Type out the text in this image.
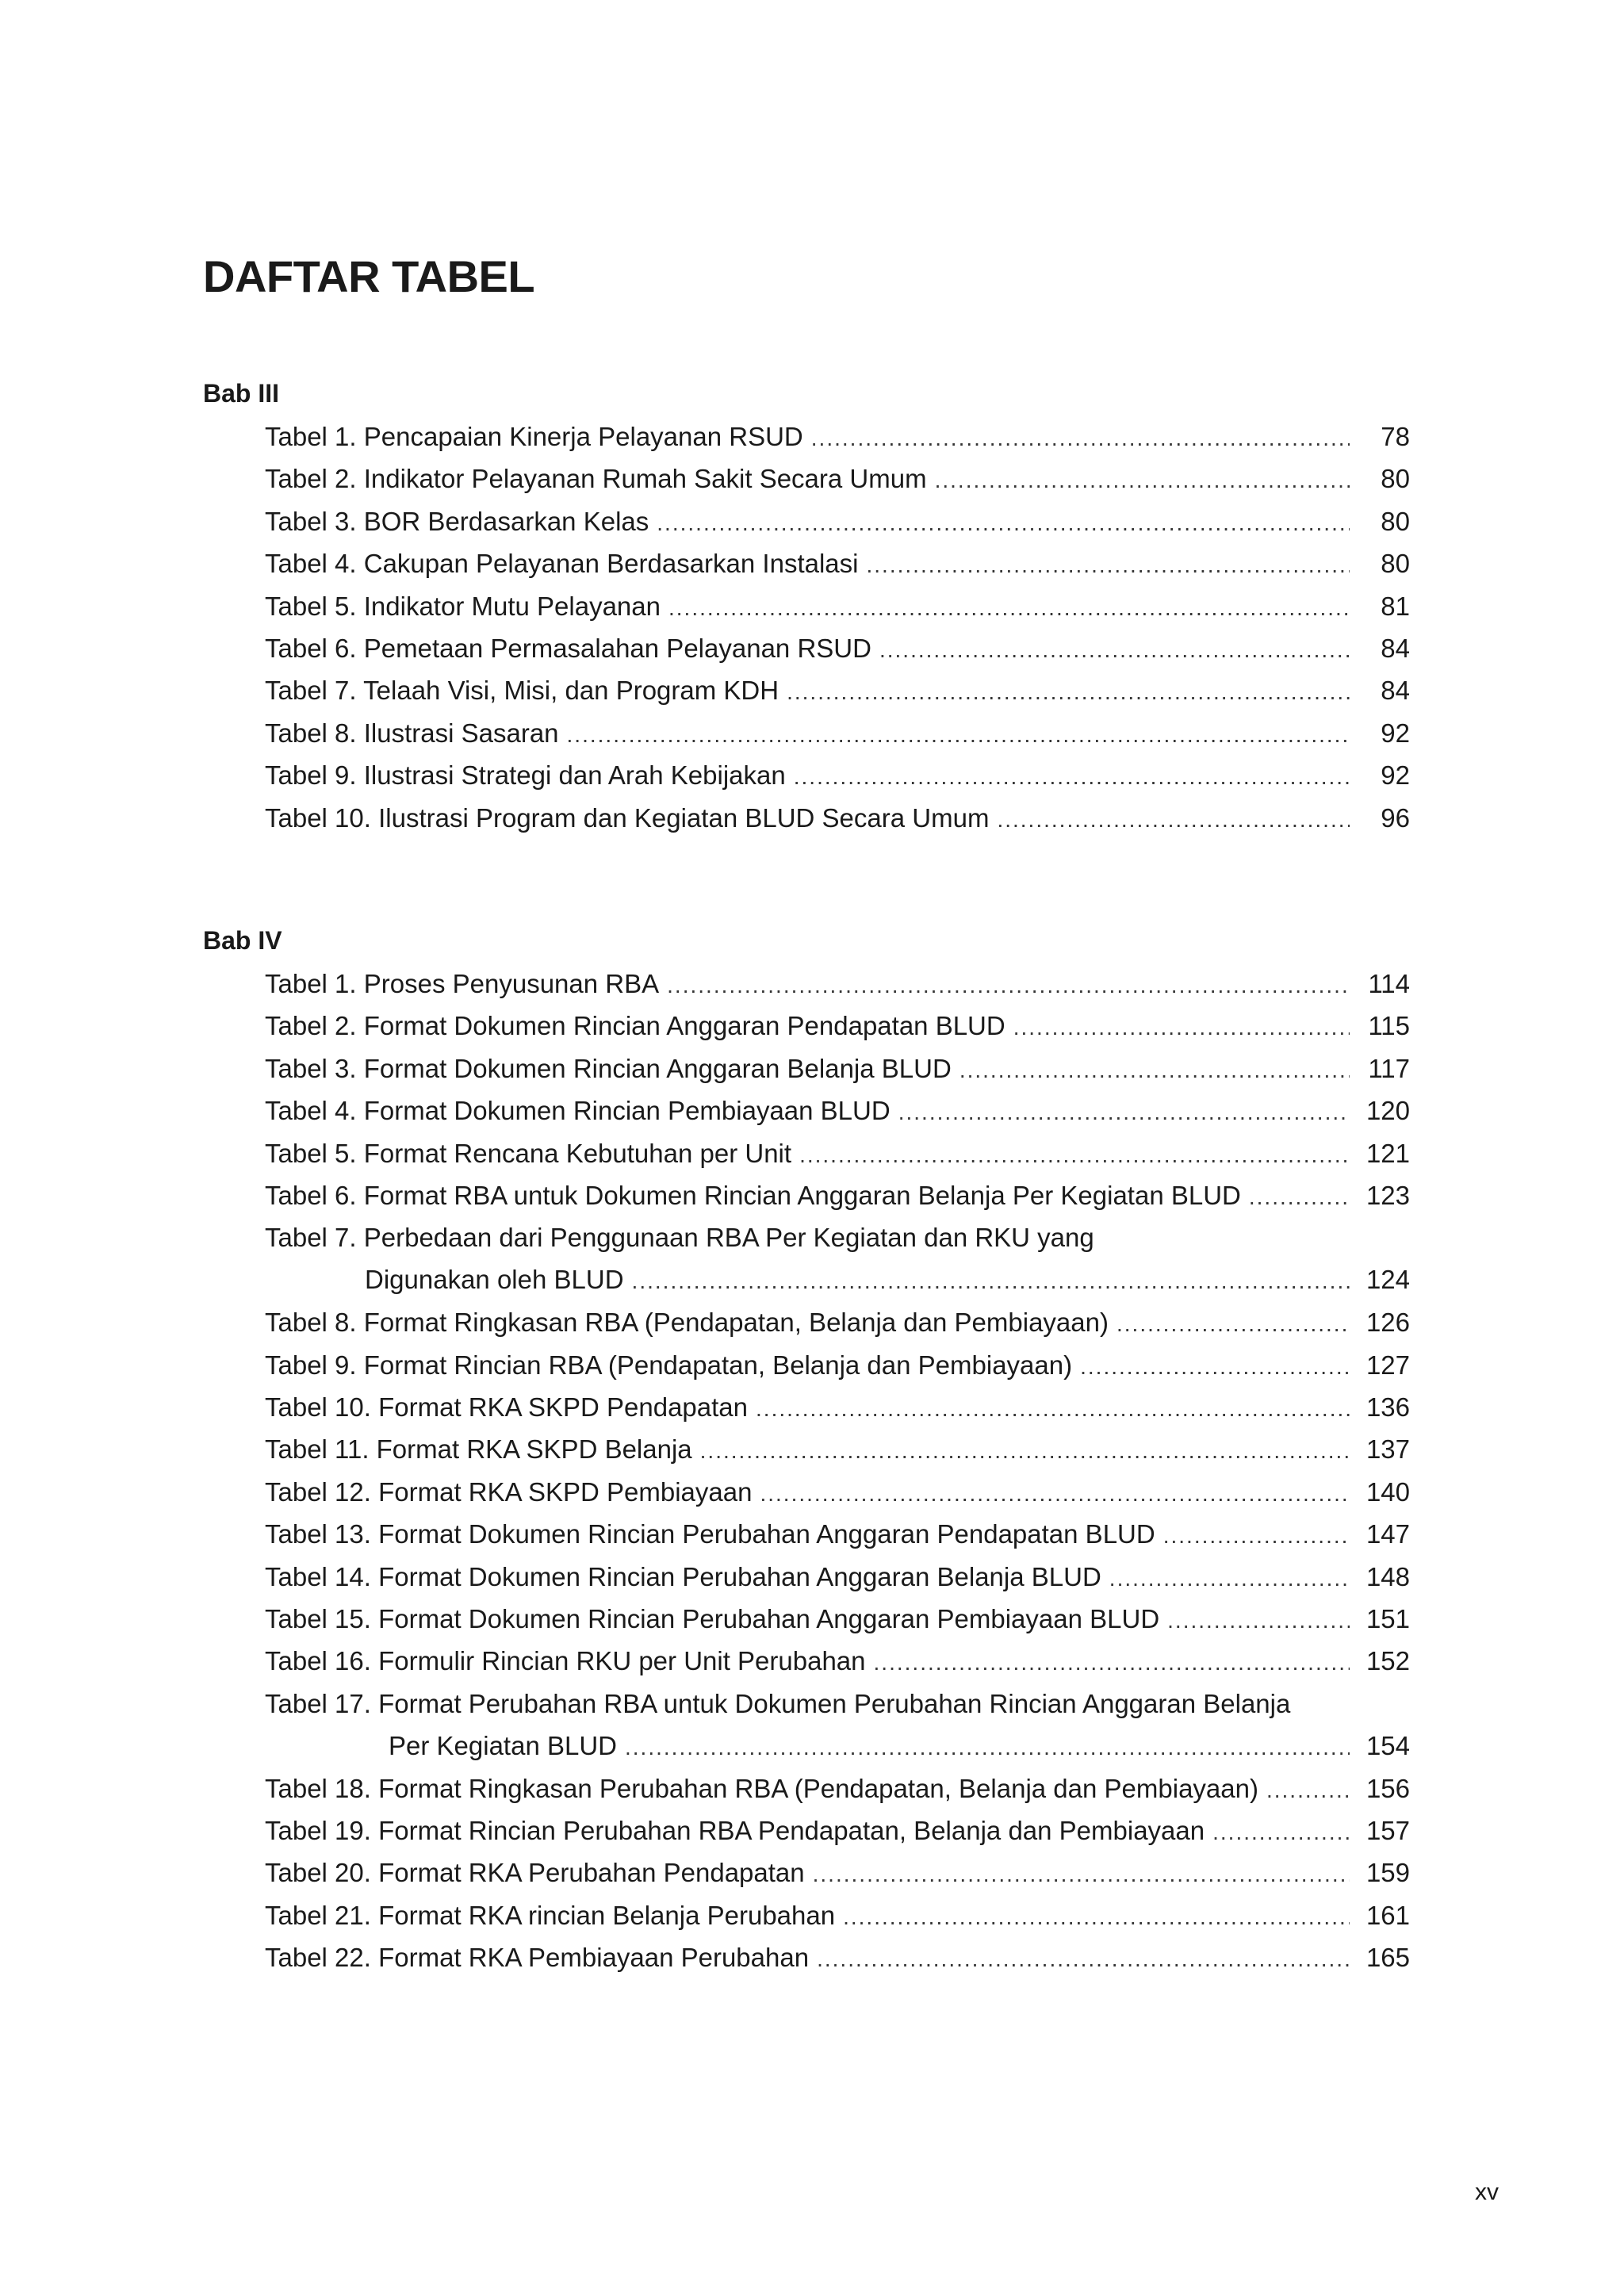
DAFTAR TABEL
Bab III
Bab IV
Tabel 1. Pencapaian Kinerja Pelayanan RSUD .....	78
Tabel 2. Indikator Pelayanan Rumah Sakit Secara Umum .....	80
Tabel 3. BOR Berdasarkan Kelas .....	80
Tabel 4. Cakupan Pelayanan Berdasarkan Instalasi .....	80
Tabel 5. Indikator Mutu Pelayanan .....	81
Tabel 6. Pemetaan Permasalahan Pelayanan RSUD .....	84
Tabel 7. Telaah Visi, Misi, dan Program KDH .....	84
Tabel 8. Ilustrasi Sasaran .....	92
Tabel 9. Ilustrasi Strategi dan Arah Kebijakan .....	92
Tabel 10. Ilustrasi Program dan Kegiatan BLUD Secara Umum .....	96
Tabel 1. Proses Penyusunan RBA .....	114
Tabel 2. Format Dokumen Rincian Anggaran Pendapatan BLUD .....	115
Tabel 3. Format Dokumen Rincian Anggaran Belanja BLUD .....	117
Tabel 4. Format Dokumen Rincian Pembiayaan BLUD .....	120
Tabel 5. Format Rencana Kebutuhan per Unit .....	121
Tabel 6. Format RBA untuk Dokumen Rincian Anggaran Belanja Per Kegiatan BLUD .....	123
Tabel 7. Perbedaan dari Penggunaan RBA Per Kegiatan dan RKU yang
Digunakan oleh BLUD .....	124
Tabel 8. Format Ringkasan RBA (Pendapatan, Belanja dan Pembiayaan) .....	126
Tabel 9. Format Rincian RBA (Pendapatan, Belanja dan Pembiayaan) .....	127
Tabel 10. Format RKA SKPD Pendapatan .....	136
Tabel 11. Format RKA SKPD Belanja .....	137
Tabel 12. Format RKA SKPD Pembiayaan .....	140
Tabel 13. Format Dokumen Rincian Perubahan Anggaran Pendapatan BLUD .....	147
Tabel 14. Format Dokumen Rincian Perubahan Anggaran Belanja BLUD .....	148
Tabel 15. Format Dokumen Rincian Perubahan Anggaran Pembiayaan BLUD .....	151
Tabel 16. Formulir Rincian RKU per Unit Perubahan .....	152
Tabel 17. Format Perubahan RBA untuk Dokumen Perubahan Rincian Anggaran Belanja
Per Kegiatan BLUD .....	154
Tabel 18. Format Ringkasan Perubahan RBA (Pendapatan, Belanja dan Pembiayaan) .....	156
Tabel 19. Format Rincian Perubahan RBA Pendapatan, Belanja dan Pembiayaan .....	157
Tabel 20. Format RKA Perubahan Pendapatan .....	159
Tabel 21. Format RKA rincian Belanja Perubahan .....	161
Tabel 22. Format RKA Pembiayaan Perubahan .....	165
xv
